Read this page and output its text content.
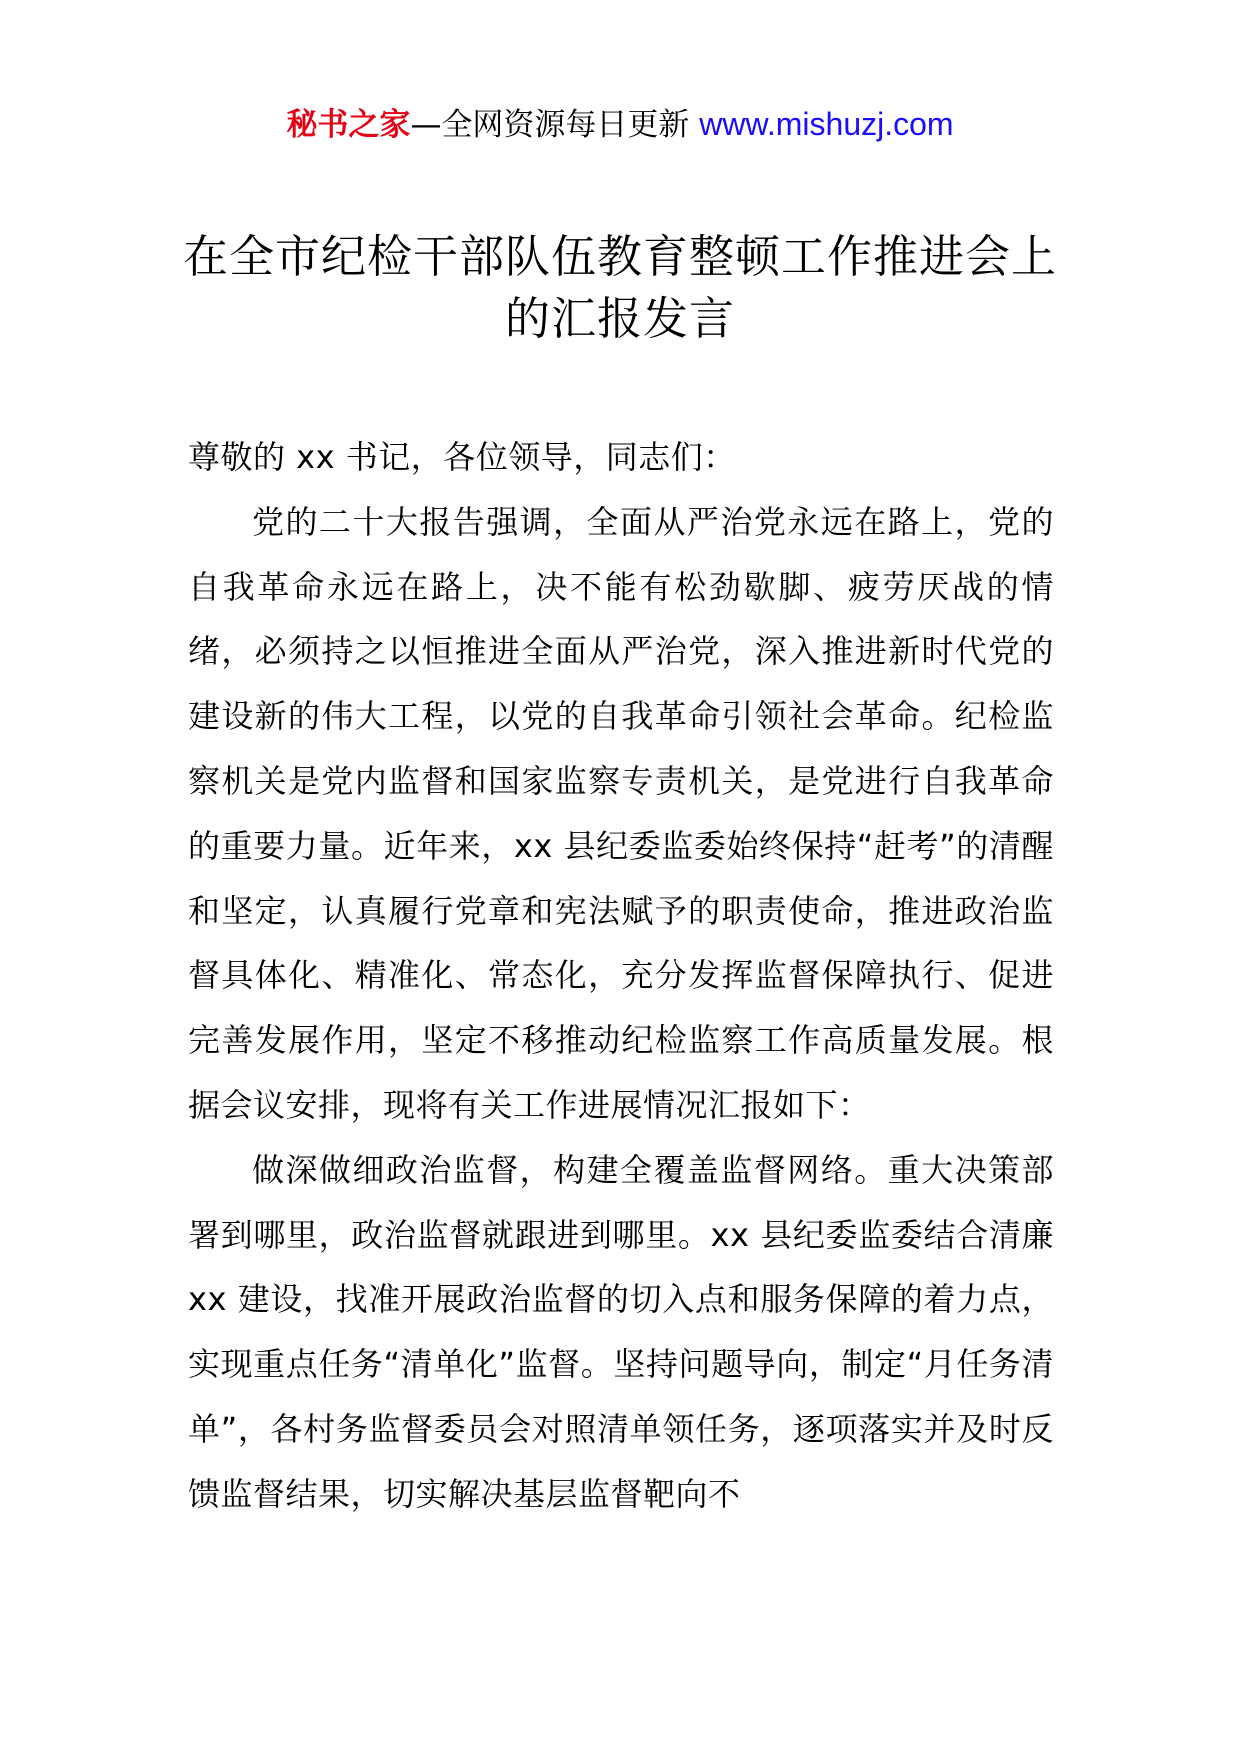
秘书之家—全网资源每日更新 www.mishuzj.com
在全市纪检干部队伍教育整顿工作推进会上的汇报发言

尊敬的 xx 书记，各位领导，同志们：

党的二十大报告强调，全面从严治党永远在路上，党的自我革命永远在路上，决不能有松劲歇脚、疲劳厌战的情绪，必须持之以恒推进全面从严治党，深入推进新时代党的建设新的伟大工程，以党的自我革命引领社会革命。纪检监察机关是党内监督和国家监察专责机关，是党进行自我革命的重要力量。近年来，xx 县纪委监委始终保持“赶考”的清醒和坚定，认真履行党章和宪法赋予的职责使命，推进政治监督具体化、精准化、常态化，充分发挥监督保障执行、促进完善发展作用，坚定不移推动纪检监察工作高质量发展。根据会议安排，现将有关工作进展情况汇报如下：

做深做细政治监督，构建全覆盖监督网络。重大决策部署到哪里，政治监督就跟进到哪里。xx 县纪委监委结合清廉 xx 建设，找准开展政治监督的切入点和服务保障的着力点，实现重点任务“清单化”监督。坚持问题导向，制定“月任务清单”，各村务监督委员会对照清单领任务，逐项落实并及时反馈监督结果，切实解决基层监督靶向不
